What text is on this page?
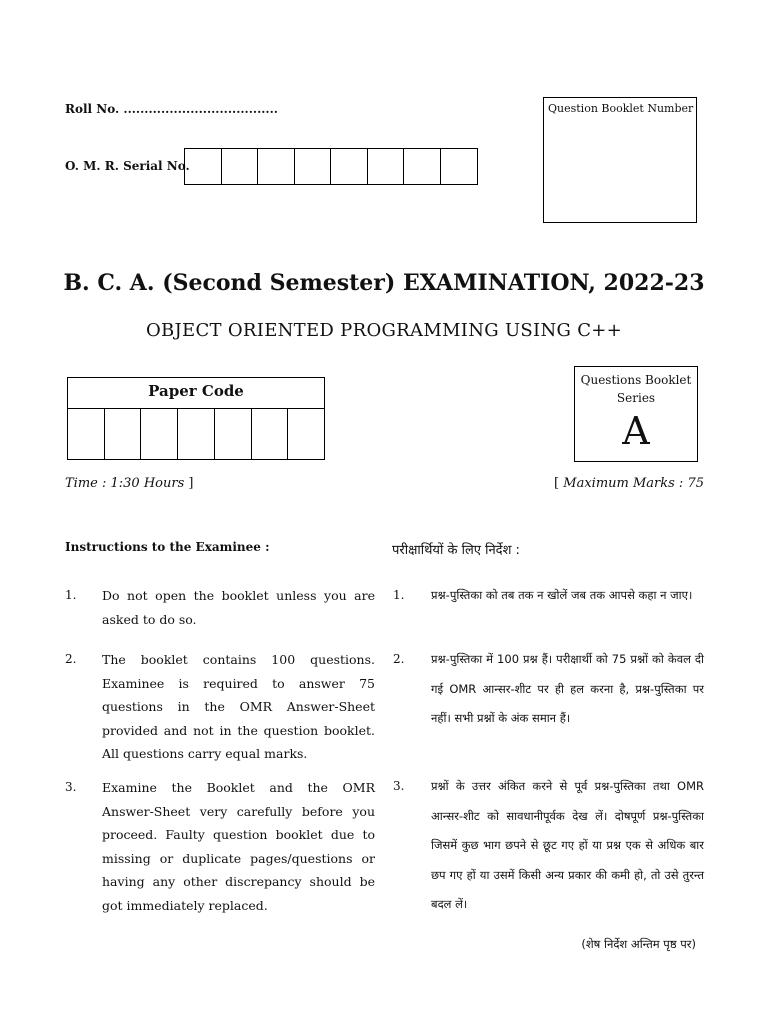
Roll No. .....................................
O. M. R. Serial No.
Question Booklet Number
B. C. A. (Second Semester) EXAMINATION, 2022-23
OBJECT ORIENTED PROGRAMMING USING C++
Paper Code
Questions Booklet Series
A
Time : 1:30 Hours ]	[ Maximum Marks : 75
Instructions to the Examinee :	परीक्षार्थियों के लिए निर्देश :
1.	Do not open the booklet unless you are asked to do so.
2.	The booklet contains 100 questions. Examinee is required to answer 75 questions in the OMR Answer-Sheet provided and not in the question booklet. All questions carry equal marks.
3.	Examine the Booklet and the OMR Answer-Sheet very carefully before you proceed. Faulty question booklet due to missing or duplicate pages/questions or having any other discrepancy should be got immediately replaced.
1.	प्रश्न-पुस्तिका को तब तक न खोलें जब तक आपसे कहा न जाए।
2.	प्रश्न-पुस्तिका में 100 प्रश्न हैं। परीक्षार्थी को 75 प्रश्नों को केवल दी गई OMR आन्सर-शीट पर ही हल करना है, प्रश्न-पुस्तिका पर नहीं। सभी प्रश्नों के अंक समान हैं।
3.	प्रश्नों के उत्तर अंकित करने से पूर्व प्रश्न-पुस्तिका तथा OMR आन्सर-शीट को सावधानीपूर्वक देख लें। दोषपूर्ण प्रश्न-पुस्तिका जिसमें कुछ भाग छपने से छूट गए हों या प्रश्न एक से अधिक बार छप गए हों या उसमें किसी अन्य प्रकार की कमी हो, तो उसे तुरन्त बदल लें।
(शेष निर्देश अन्तिम पृष्ठ पर)
